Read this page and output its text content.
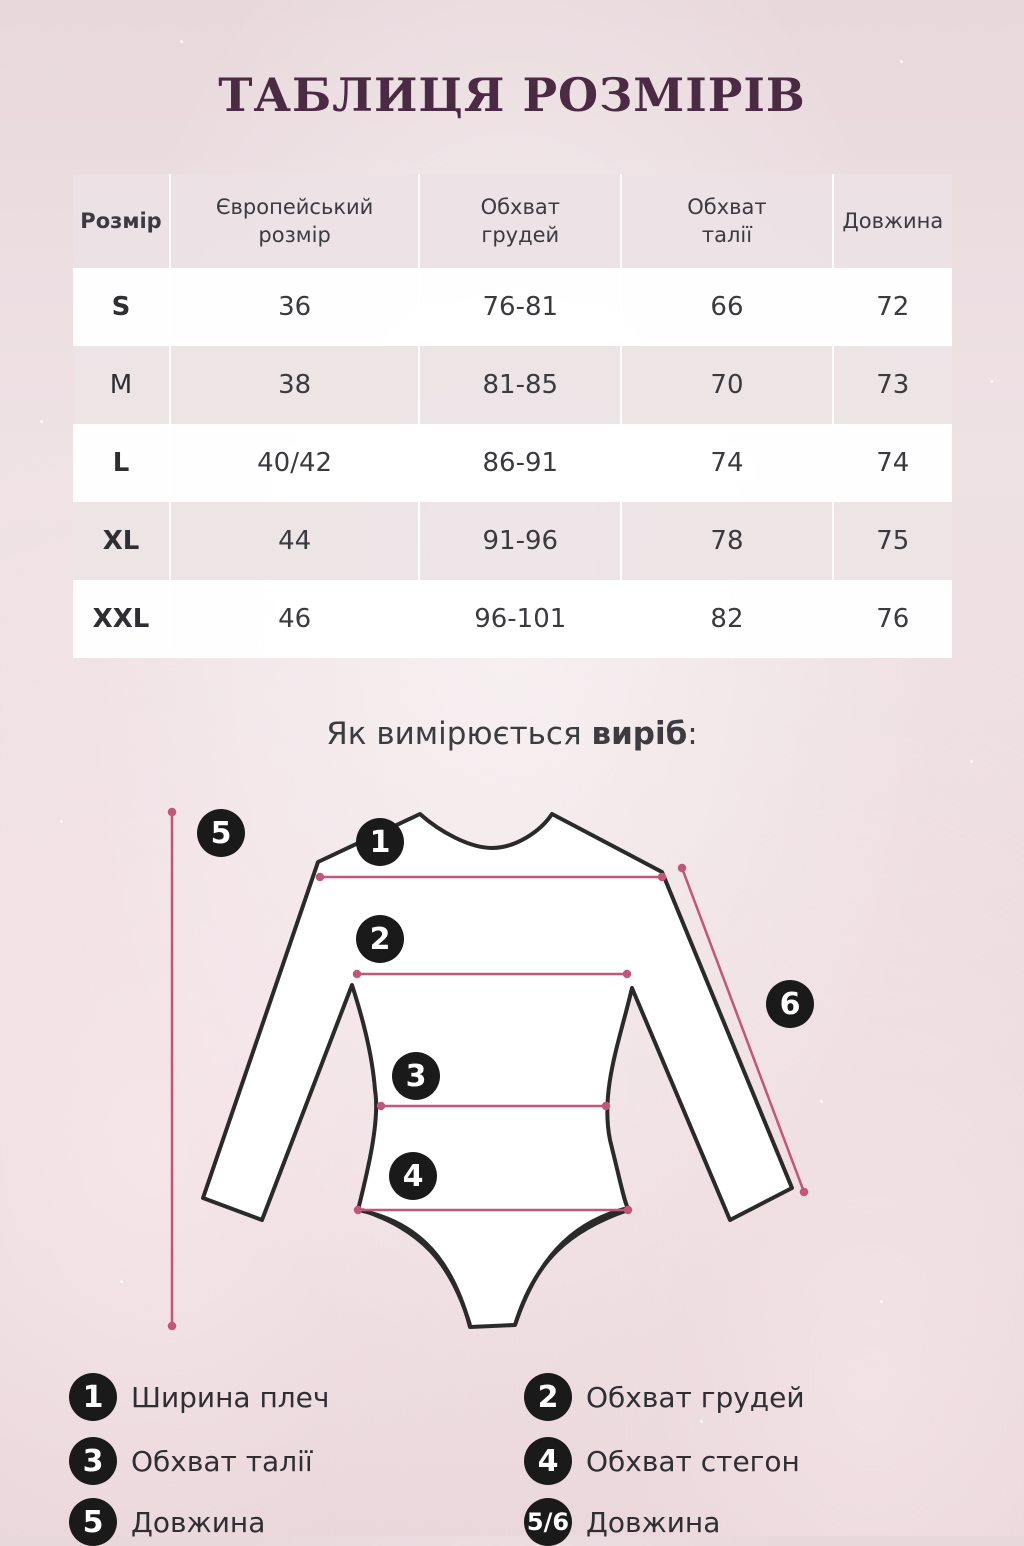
ТАБЛИЦЯ РОЗМІРІВ
Розмір	Європейський розмір	Обхват грудей	Обхват талії	Довжина
S	36	76-81	66	72
M	38	81-85	70	73
L	40/42	86-91	74	74
XL	44	91-96	78	75
XXL	46	96-101	82	76
Як вимірюється виріб:
1
2
3
4
5
6
1 Ширина плеч	2 Обхват грудей
3 Обхват талії	4 Обхват стегон
5 Довжина	5/6 Довжина
